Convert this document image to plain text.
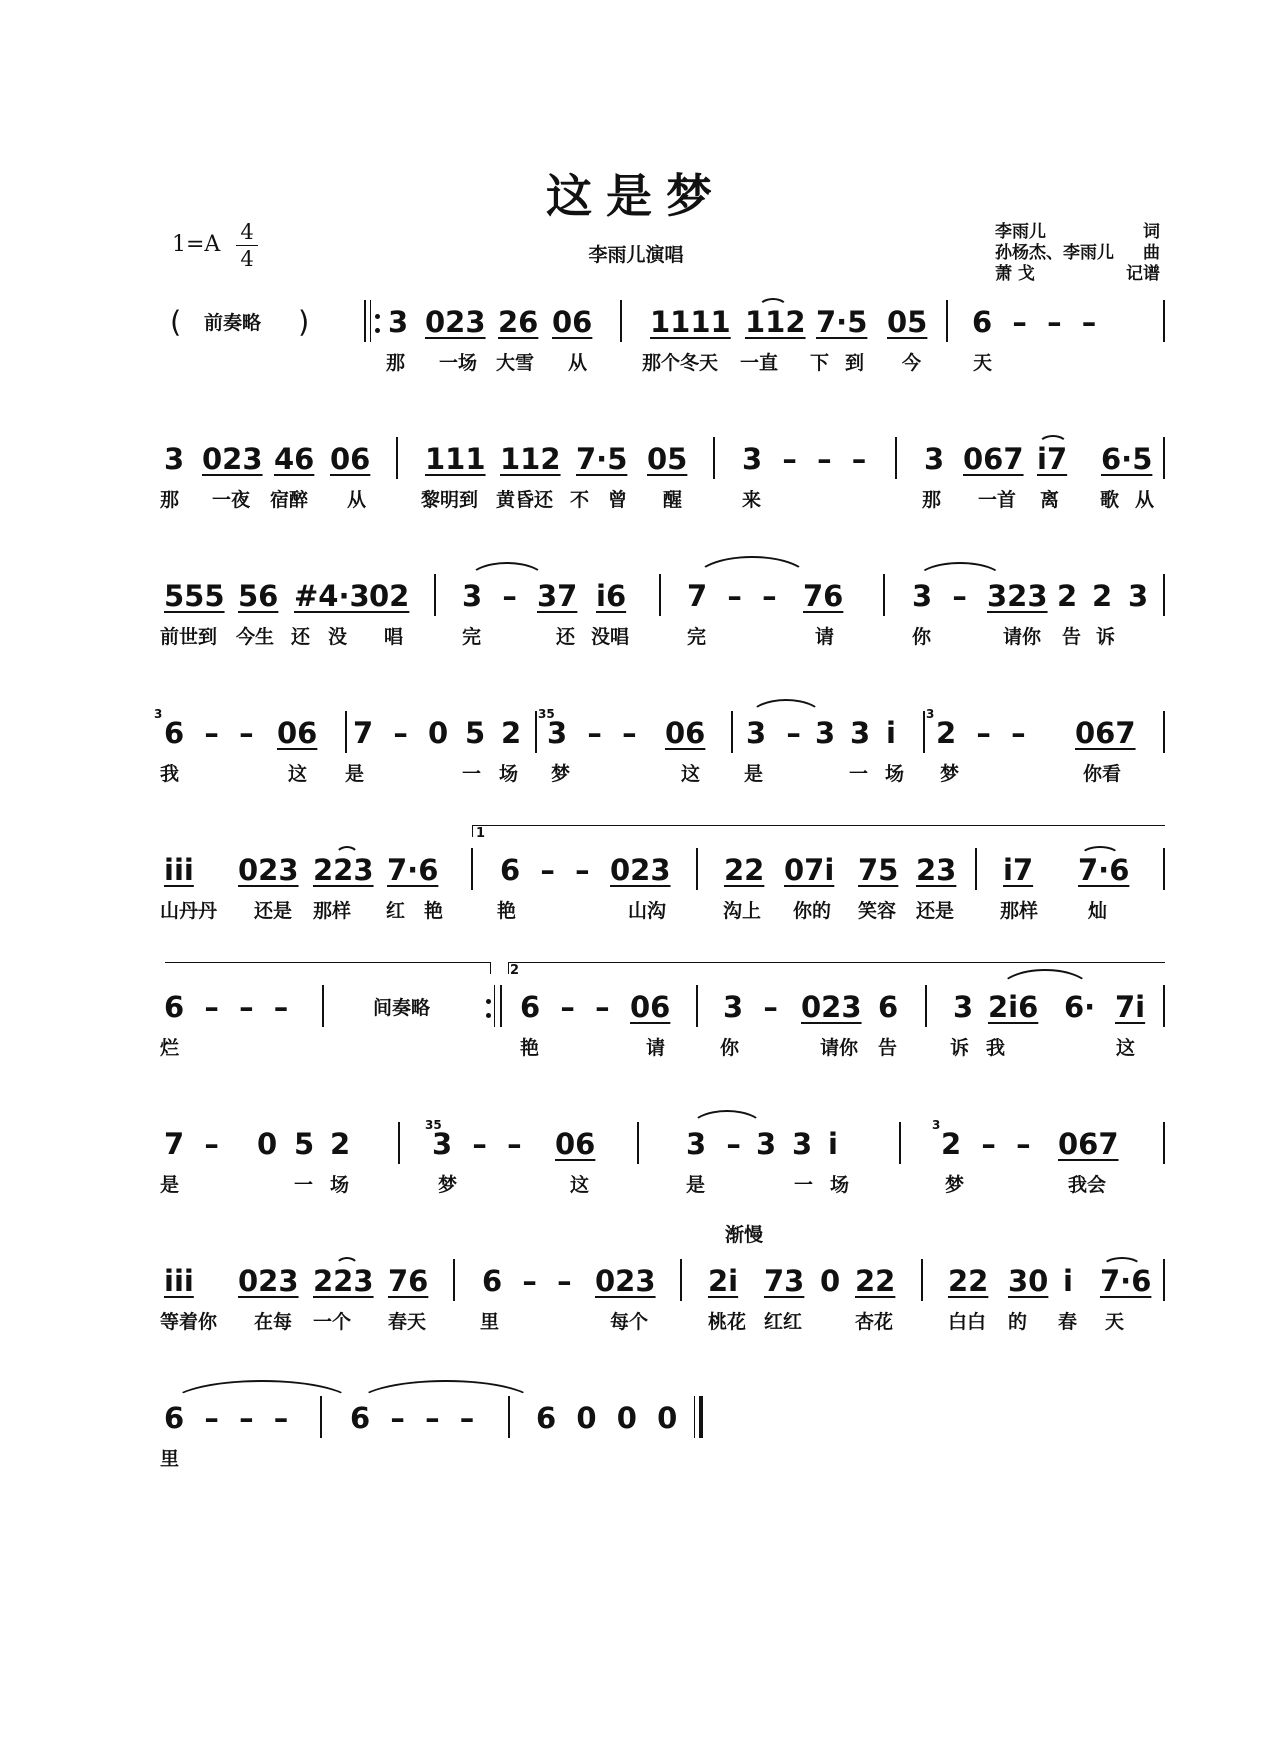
这是梦
1=A 4
4	李雨儿演唱
李雨儿	词
孙杨杰、李雨儿 曲
萧 戈	记谱
渐慢
( 前奏略 )	3 023 26 06 1111 112 7·5 05 6  –  –  –
那 一场 大雪 从	那个冬天 一直 下 到 今	天
3 023 46 06 111 112 7·5 05 3  –  –  – 3 067 i7 6·5
那 一夜 宿醉 从	黎明到 黄昏还 不 曾 醒	来	那 一首 离 歌 从
555 56 #4·3 02 3  – 37 i6 7  –  – 76 3  – 323 2 2 3
前世到 今生 还 没 唱	完	还 没唱	完	请	你	请你 告 诉
3
6  –  – 06 7  – 0 5 2
35
3  –  – 06 3  – 3 3 i
3
2  –  – 067
我	这 是	一 场 梦	这 是	一 场 梦	你看
1
iii 023 223 7·6 6  –  – 023 22 07i 75 23 i7 7·6
山丹丹 还是 那样 红 艳	艳	山沟	沟上 你的 笑容 还是 那样	灿
2
6  –  –  –	间奏略	6  –  – 06 3  – 023 6 3 2i6 6· 7i
烂	艳	请	你	请你 告	诉 我	这
7  – 0 5 2
35
3  –  – 06	3  – 3 3 i
3
2  –  – 067
是	一 场	梦	这	是	一 场	梦	我会
iii 023 223 76 6  –  – 023 2i 73 0 22 22 30 i 7·6
等着你 在每 一个 春天	里	每个	桃花 红红	杏花	白白 的 春 天
6  –  –  – 6  –  –  – 6  0  0  0
里
